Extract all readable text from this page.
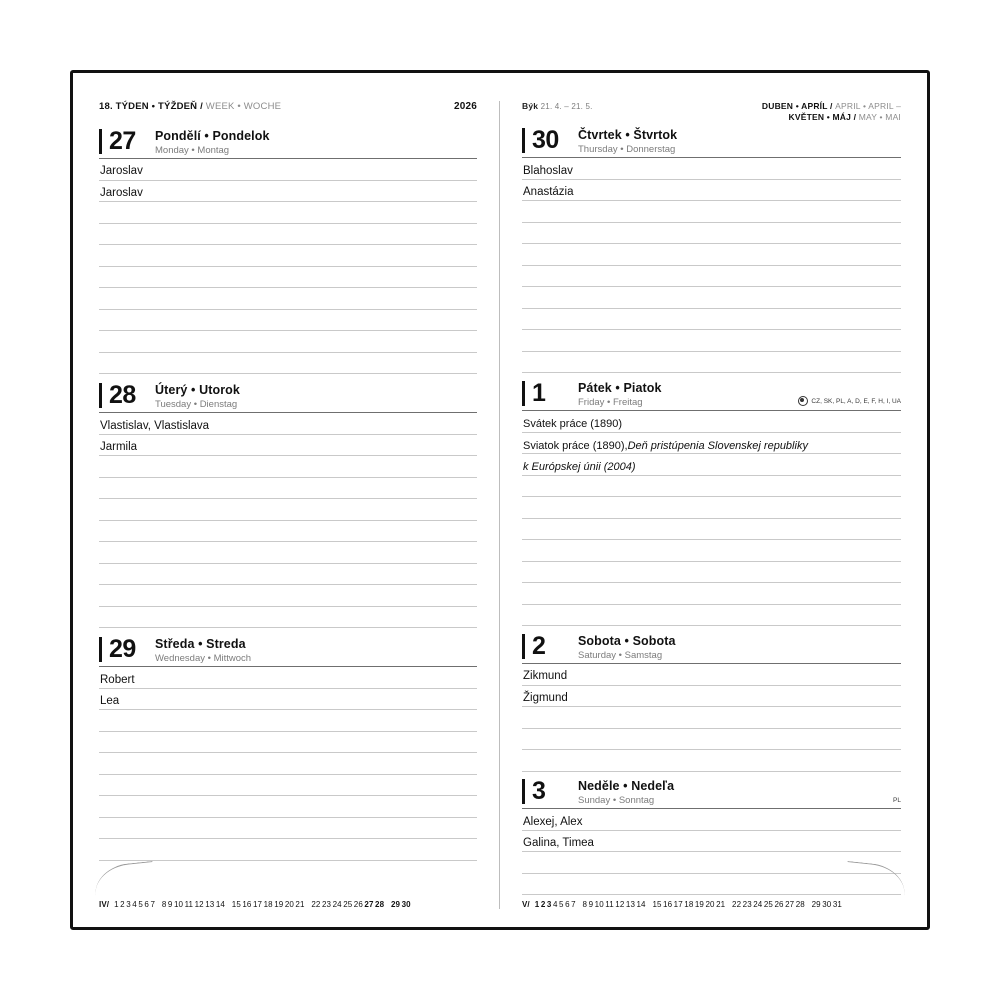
18. TÝDEN • TÝŽDEŇ / WEEK • WOCHE	2026
27 Pondělí • Pondelok
Monday • Montag
Jaroslav
Jaroslav
28 Úterý • Utorok
Tuesday • Dienstag
Vlastislav, Vlastislava
Jarmila
29 Středa • Streda
Wednesday • Mittwoch
Robert
Lea
IV/ 1 2 3 4 5 6 7 8 9 10 11 12 13 14 15 16 17 18 19 20 21 22 23 24 25 26 27 28 29 30
Býk 21. 4. – 21. 5.	DUBEN • APRÍL / APRIL • APRIL –
KVĚTEN • MÁJ / MAY • MAI
30 Čtvrtek • Štvrtok
Thursday • Donnerstag
Blahoslav
Anastázia
1	Pátek • Piatok
Friday • Freitag	CZ, SK, PL, A, D, E, F, H, I, UA
Svátek práce (1890)
Sviatok práce (1890), Deň pristúpenia Slovenskej republiky
k Európskej únii (2004)
2	Sobota • Sobota
Saturday • Samstag
Zikmund
Žigmund
3	Neděle • Nedeľa
Sunday • Sonntag	PL
Alexej, Alex
Galina, Timea
V/ 1 2 3 4 5 6 7 8 9 10 11 12 13 14 15 16 17 18 19 20 21 22 23 24 25 26 27 28 29 30 31
